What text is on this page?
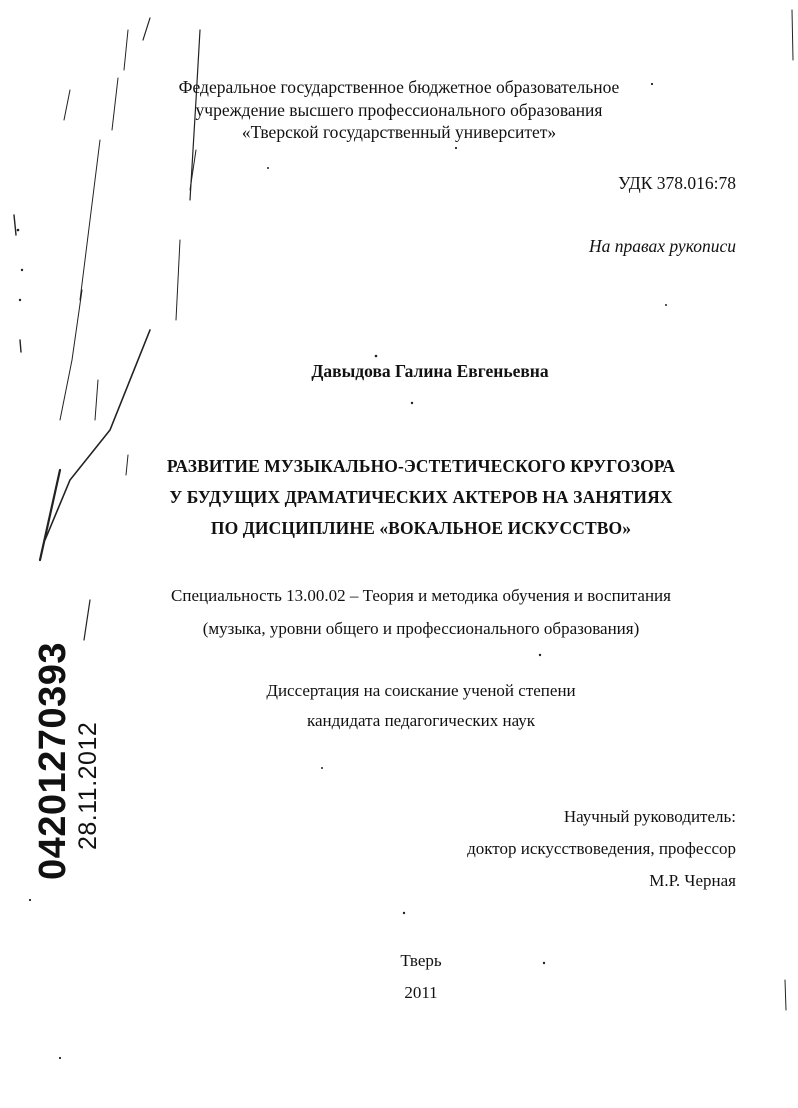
Федеральное государственное бюджетное образовательное
учреждение высшего профессионального образования
«Тверской государственный университет»
УДК 378.016:78
На правах рукописи
Давыдова Галина Евгеньевна
РАЗВИТИЕ МУЗЫКАЛЬНО-ЭСТЕТИЧЕСКОГО КРУГОЗОРА
У БУДУЩИХ ДРАМАТИЧЕСКИХ АКТЕРОВ НА ЗАНЯТИЯХ
ПО ДИСЦИПЛИНЕ «ВОКАЛЬНОЕ ИСКУССТВО»
Специальность 13.00.02 – Теория и методика обучения и воспитания
(музыка, уровни общего и профессионального образования)
Диссертация на соискание ученой степени
кандидата педагогических наук
Научный руководитель:
доктор искусствоведения, профессор
М.Р. Черная
Тверь
2011
04201270393 28.11.2012
